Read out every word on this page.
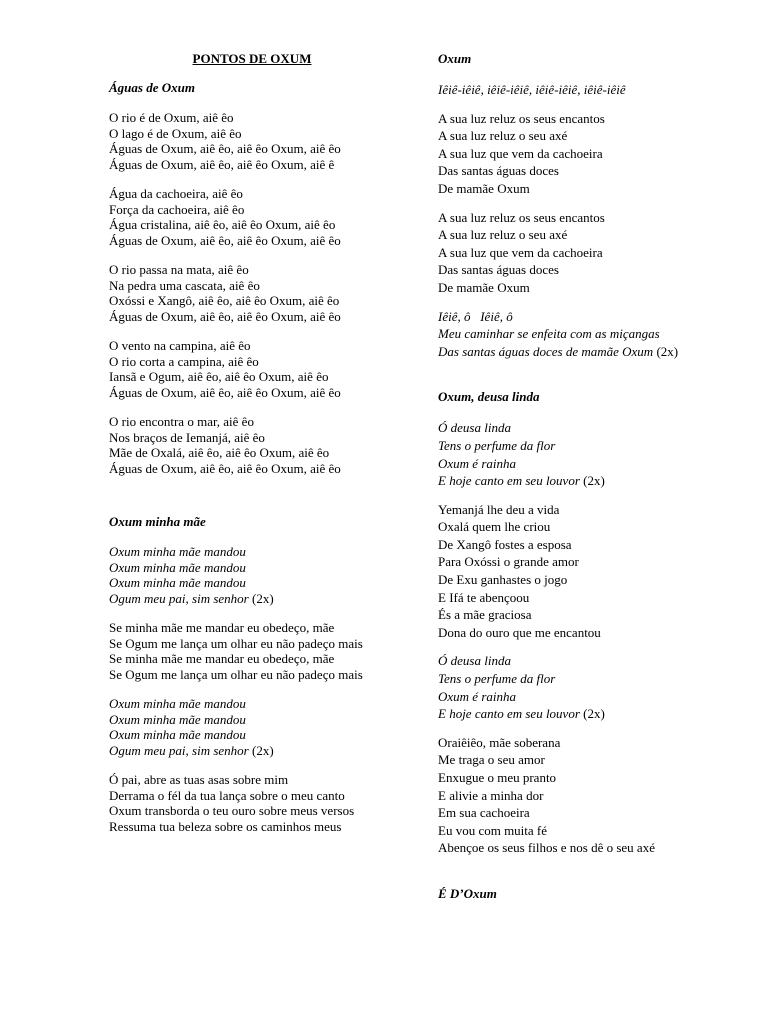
PONTOS DE OXUM
Águas de Oxum
O rio é de Oxum, aiê êo
O lago é de Oxum, aiê êo
Águas de Oxum, aiê êo, aiê êo Oxum, aiê êo
Águas de Oxum, aiê êo, aiê êo Oxum, aiê ê
Água da cachoeira, aiê êo
Força da cachoeira, aiê êo
Água cristalina, aiê êo, aiê êo Oxum, aiê êo
Águas de Oxum, aiê êo, aiê êo Oxum, aiê êo
O rio passa na mata, aiê êo
Na pedra uma cascata, aiê êo
Oxóssi e Xangô, aiê êo, aiê êo Oxum, aiê êo
Águas de Oxum, aiê êo, aiê êo Oxum, aiê êo
O vento na campina, aiê êo
O rio corta a campina, aiê êo
Iansã e Ogum, aiê êo, aiê êo Oxum, aiê êo
Águas de Oxum, aiê êo, aiê êo Oxum, aiê êo
O rio encontra o mar, aiê êo
Nos braços de Iemanjá, aiê êo
Mãe de Oxalá, aiê êo, aiê êo Oxum, aiê êo
Águas de Oxum, aiê êo, aiê êo Oxum, aiê êo
Oxum minha mãe
Oxum minha mãe mandou
Oxum minha mãe mandou
Oxum minha mãe mandou
Ogum meu pai, sim senhor (2x)
Se minha mãe me mandar eu obedeço, mãe
Se Ogum me lança um olhar eu não padeço mais
Se minha mãe me mandar eu obedeço, mãe
Se Ogum me lança um olhar eu não padeço mais
Oxum minha mãe mandou
Oxum minha mãe mandou
Oxum minha mãe mandou
Ogum meu pai, sim senhor (2x)
Ó pai, abre as tuas asas sobre mim
Derrama o fél da tua lança sobre o meu canto
Oxum transborda o teu ouro sobre meus versos
Ressuma tua beleza sobre os caminhos meus
Oxum
Iêiê-iêiê, iêiê-iêiê, iêiê-iêiê, iêiê-iêiê
A sua luz reluz os seus encantos
A sua luz reluz o seu axé
A sua luz que vem da cachoeira
Das santas águas doces
De mamãe Oxum
A sua luz reluz os seus encantos
A sua luz reluz o seu axé
A sua luz que vem da cachoeira
Das santas águas doces
De mamãe Oxum
Iêiê, ô   Iêiê, ô
Meu caminhar se enfeita com as miçangas
Das santas águas doces de mamãe Oxum (2x)
Oxum, deusa linda
Ó deusa linda
Tens o perfume da flor
Oxum é rainha
E hoje canto em seu louvor (2x)
Yemanjá lhe deu a vida
Oxalá quem lhe criou
De Xangô fostes a esposa
Para Oxóssi o grande amor
De Exu ganhastes o jogo
E Ifá te abençoou
És a mãe graciosa
Dona do ouro que me encantou
Ó deusa linda
Tens o perfume da flor
Oxum é rainha
E hoje canto em seu louvor (2x)
Oraiêiêo, mãe soberana
Me traga o seu amor
Enxugue o meu pranto
E alivie a minha dor
Em sua cachoeira
Eu vou com muita fé
Abençoe os seus filhos e nos dê o seu axé
É D’Oxum
